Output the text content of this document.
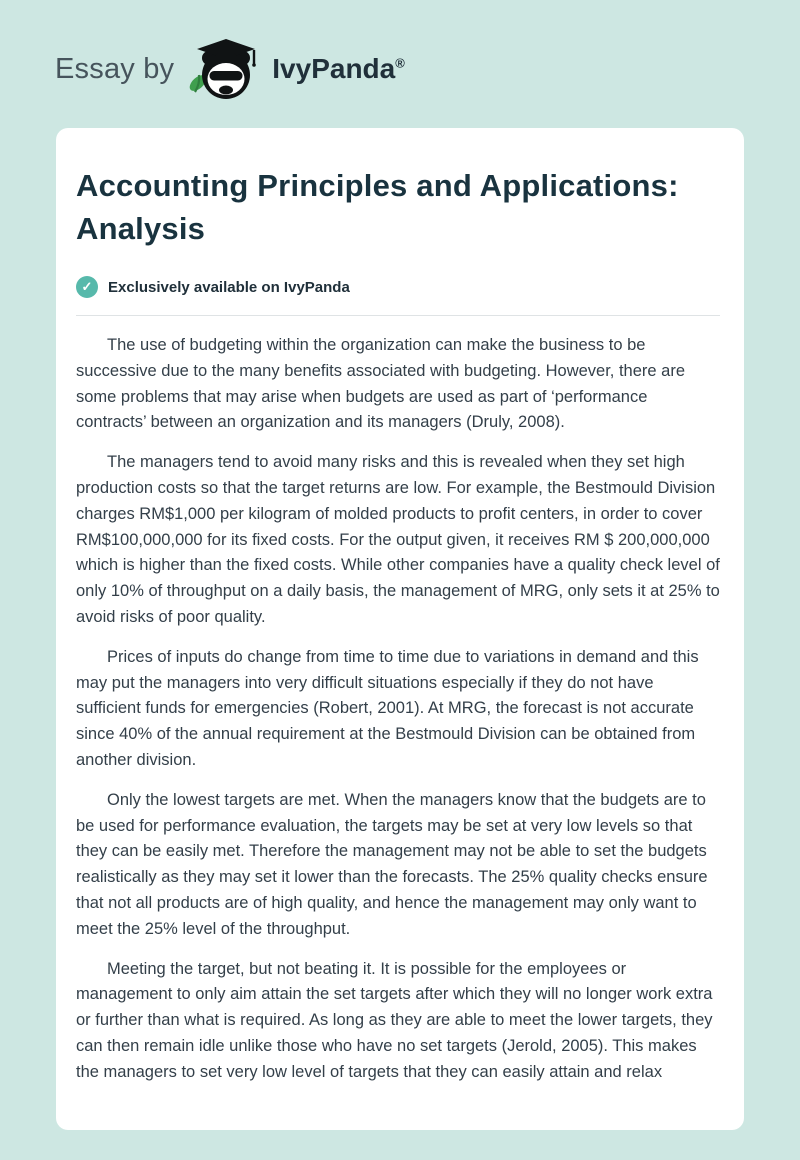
Essay by	IvyPanda®
Accounting Principles and Applications: Analysis
✓	Exclusively available on IvyPanda

The use of budgeting within the organization can make the business to be successive due to the many benefits associated with budgeting. However, there are some problems that may arise when budgets are used as part of ‘performance contracts’ between an organization and its managers (Druly, 2008).

The managers tend to avoid many risks and this is revealed when they set high production costs so that the target returns are low. For example, the Bestmould Division charges RM$1,000 per kilogram of molded products to profit centers, in order to cover RM$100,000,000 for its fixed costs. For the output given, it receives RM $ 200,000,000 which is higher than the fixed costs. While other companies have a quality check level of only 10% of throughput on a daily basis, the management of MRG, only sets it at 25% to avoid risks of poor quality.

Prices of inputs do change from time to time due to variations in demand and this may put the managers into very difficult situations especially if they do not have sufficient funds for emergencies (Robert, 2001). At MRG, the forecast is not accurate since 40% of the annual requirement at the Bestmould Division can be obtained from another division.

Only the lowest targets are met. When the managers know that the budgets are to be used for performance evaluation, the targets may be set at very low levels so that they can be easily met. Therefore the management may not be able to set the budgets realistically as they may set it lower than the forecasts. The 25% quality checks ensure that not all products are of high quality, and hence the management may only want to meet the 25% level of the throughput.

Meeting the target, but not beating it. It is possible for the employees or management to only aim attain the set targets after which they will no longer work extra or further than what is required. As long as they are able to meet the lower targets, they can then remain idle unlike those who have no set targets (Jerold, 2005). This makes the managers to set very low level of targets that they can easily attain and relax
